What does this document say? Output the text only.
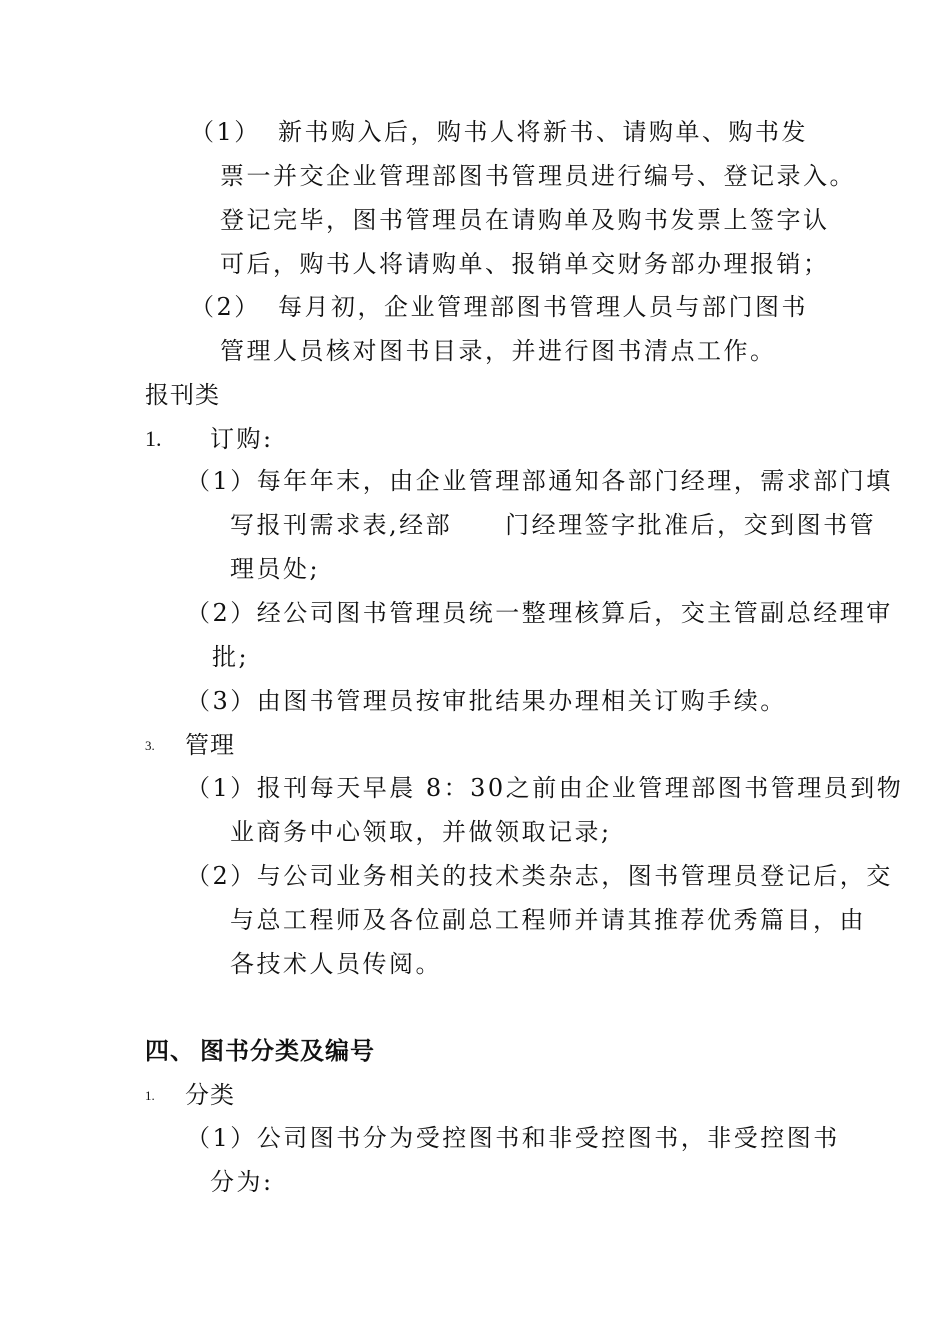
（1） 新书购入后，购书人将新书、请购单、购书发
票一并交企业管理部图书管理员进行编号、登记录入。
登记完毕，图书管理员在请购单及购书发票上签字认
可后，购书人将请购单、报销单交财务部办理报销；
（2） 每月初，企业管理部图书管理人员与部门图书
管理人员核对图书目录，并进行图书清点工作。
报刊类
1. 订购:
（1）每年年末，由企业管理部通知各部门经理，需求部门填
写报刊需求表,经部　　门经理签字批准后，交到图书管
理员处;
（2）经公司图书管理员统一整理核算后，交主管副总经理审
批;
（3）由图书管理员按审批结果办理相关订购手续。
3. 管理
（1）报刊每天早晨 8：30之前由企业管理部图书管理员到物
业商务中心领取，并做领取记录;
（2）与公司业务相关的技术类杂志，图书管理员登记后，交
与总工程师及各位副总工程师并请其推荐优秀篇目，由
各技术人员传阅。
四、 图书分类及编号
1. 分类
（1）公司图书分为受控图书和非受控图书，非受控图书
分为:
